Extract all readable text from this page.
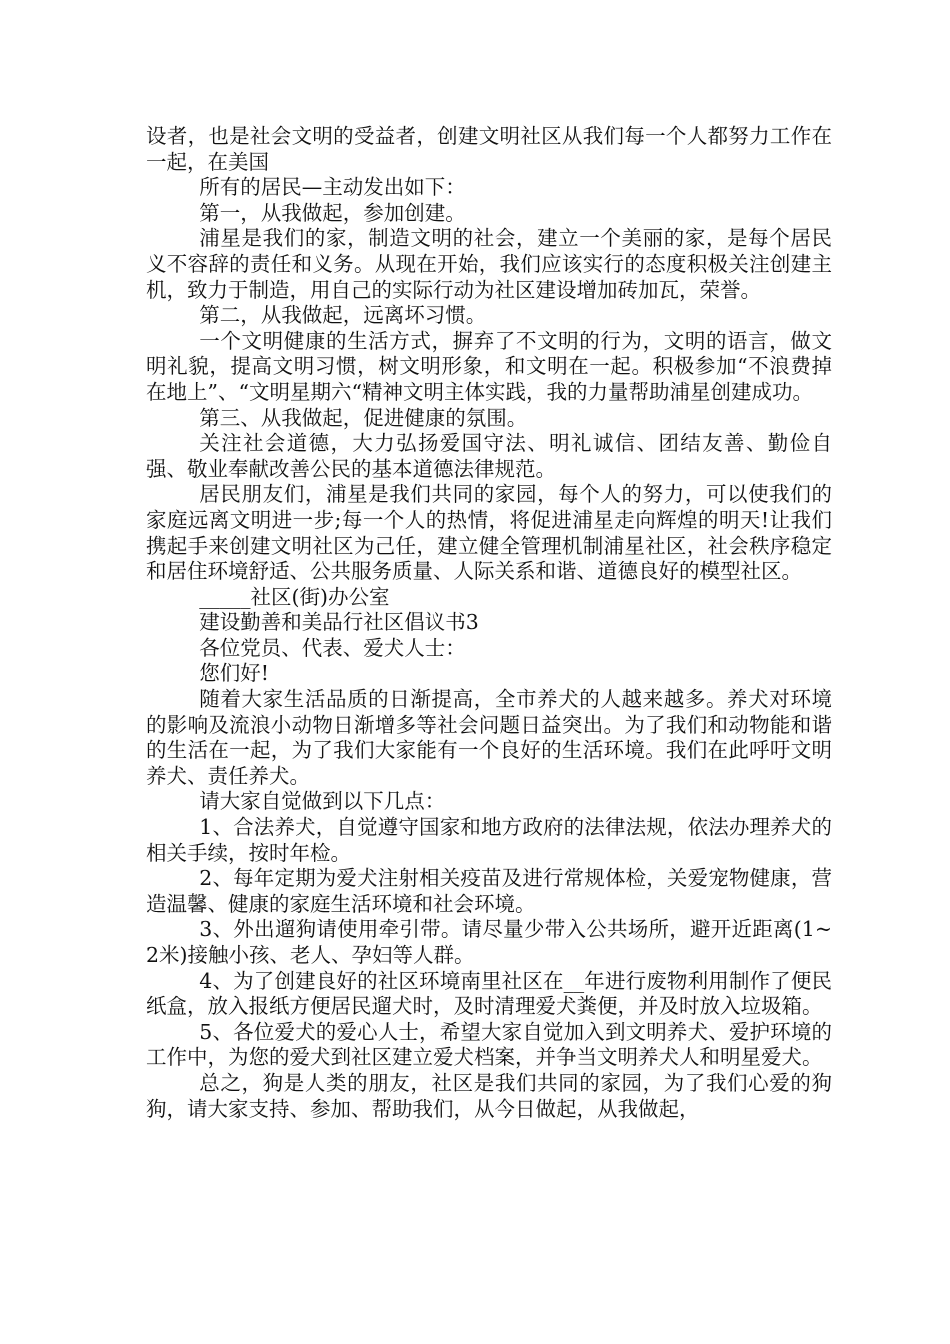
设者，也是社会文明的受益者，创建文明社区从我们每一个人都努力工作在一起，在美国

所有的居民—主动发出如下：

第一，从我做起，参加创建。

浦星是我们的家，制造文明的社会，建立一个美丽的家，是每个居民义不容辞的责任和义务。从现在开始，我们应该实行的态度积极关注创建主机，致力于制造，用自己的实际行动为社区建设增加砖加瓦，荣誉。

第二，从我做起，远离坏习惯。

一个文明健康的生活方式，摒弃了不文明的行为，文明的语言，做文明礼貌，提高文明习惯，树文明形象，和文明在一起。积极参加“不浪费掉在地上”、“文明星期六“精神文明主体实践，我的力量帮助浦星创建成功。

第三、从我做起，促进健康的氛围。

关注社会道德，大力弘扬爱国守法、明礼诚信、团结友善、勤俭自强、敬业奉献改善公民的基本道德法律规范。

居民朋友们，浦星是我们共同的家园，每个人的努力，可以使我们的家庭远离文明进一步;每一个人的热情，将促进浦星走向辉煌的明天!让我们携起手来创建文明社区为己任，建立健全管理机制浦星社区，社会秩序稳定和居住环境舒适、公共服务质量、人际关系和谐、道德良好的模型社区。

_____社区(街)办公室

建设勤善和美品行社区倡议书3

各位党员、代表、爱犬人士：

您们好!

随着大家生活品质的日渐提高，全市养犬的人越来越多。养犬对环境的影响及流浪小动物日渐增多等社会问题日益突出。为了我们和动物能和谐的生活在一起，为了我们大家能有一个良好的生活环境。我们在此呼吁文明养犬、责任养犬。

请大家自觉做到以下几点：

1、合法养犬，自觉遵守国家和地方政府的法律法规，依法办理养犬的相关手续，按时年检。

2、每年定期为爱犬注射相关疫苗及进行常规体检，关爱宠物健康，营造温馨、健康的家庭生活环境和社会环境。

3、外出遛狗请使用牵引带。请尽量少带入公共场所，避开近距离(1~2米)接触小孩、老人、孕妇等人群。

4、为了创建良好的社区环境南里社区在__年进行废物利用制作了便民纸盒，放入报纸方便居民遛犬时，及时清理爱犬粪便，并及时放入垃圾箱。

5、各位爱犬的爱心人士，希望大家自觉加入到文明养犬、爱护环境的工作中，为您的爱犬到社区建立爱犬档案，并争当文明养犬人和明星爱犬。

总之，狗是人类的朋友，社区是我们共同的家园，为了我们心爱的狗狗，请大家支持、参加、帮助我们，从今日做起，从我做起，
